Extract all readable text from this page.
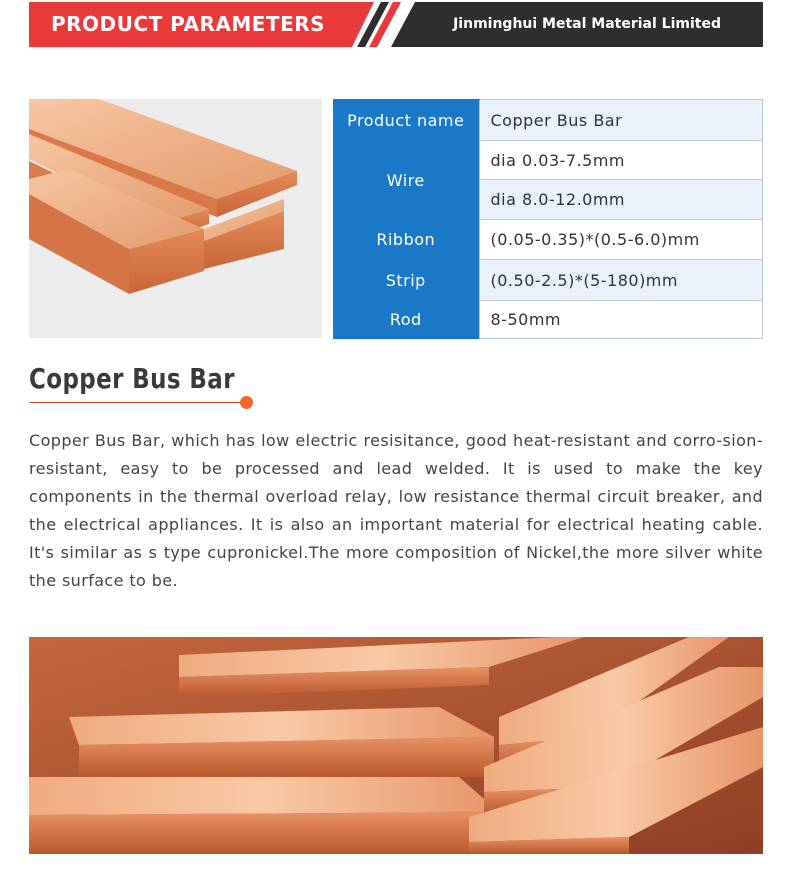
PRODUCT PARAMETERS	Jinminghui Metal Material Limited
Product name	Copper Bus Bar
Wire	dia 0.03-7.5mm
	dia 8.0-12.0mm
Ribbon	(0.05-0.35)*(0.5-6.0)mm
Strip	(0.50-2.5)*(5-180)mm
Rod	8-50mm
Copper Bus Bar

Copper Bus Bar, which has low electric resisitance, good heat-resistant and corro-sion-resistant, easy to be processed and lead welded. It is used to make the key components in the thermal overload relay, low resistance thermal circuit breaker, and the electrical appliances. It is also an important material for electrical heating cable. It's similar as s type cupronickel.The more composition of Nickel,the more silver white the surface to be.
